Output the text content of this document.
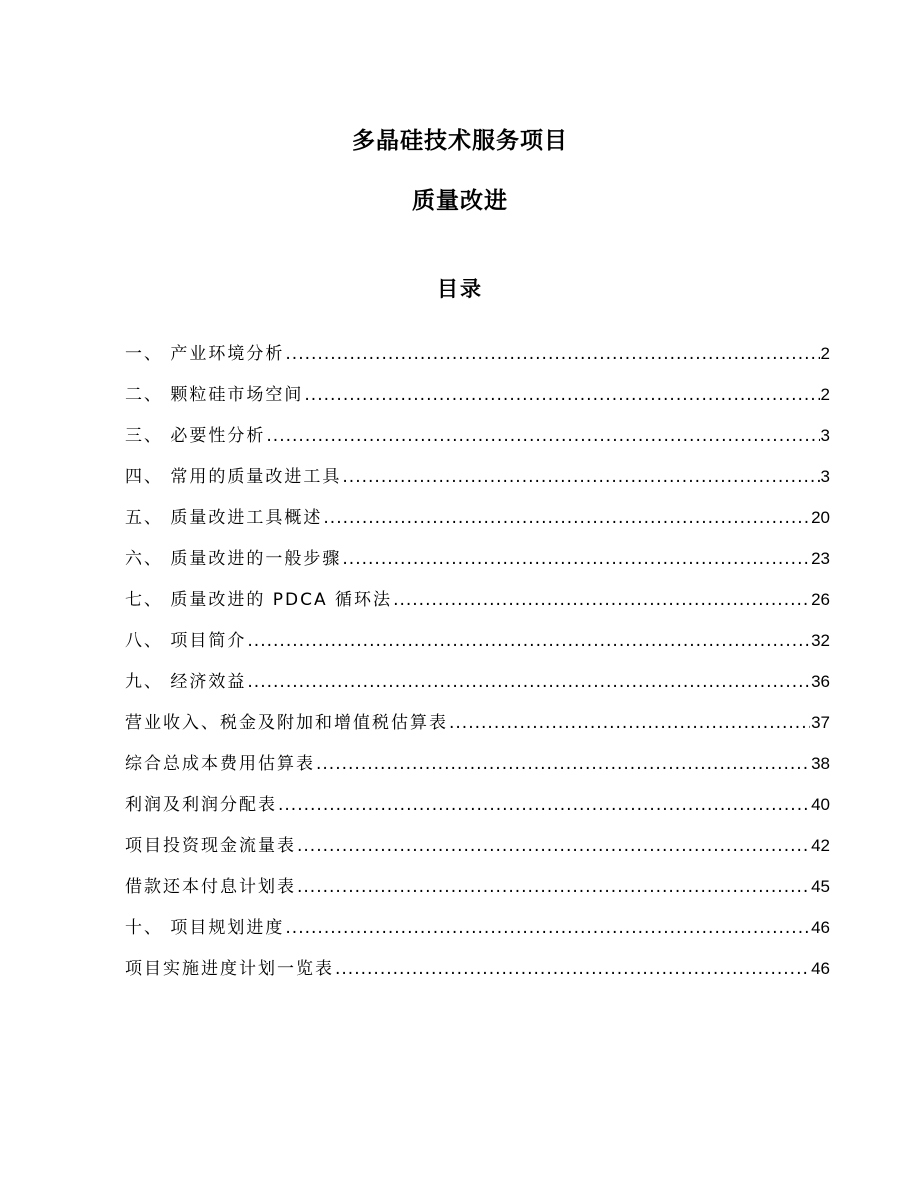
多晶硅技术服务项目
质量改进
目录
一、 产业环境分析 .....	2
二、 颗粒硅市场空间 .....	2
三、 必要性分析 .....	3
四、 常用的质量改进工具 .....	3
五、 质量改进工具概述 .....	20
六、 质量改进的一般步骤 .....	23
七、 质量改进的 PDCA 循环法 .....	26
八、 项目简介 .....	32
九、 经济效益 .....	36
营业收入、税金及附加和增值税估算表 .....	37
综合总成本费用估算表 .....	38
利润及利润分配表 .....	40
项目投资现金流量表 .....	42
借款还本付息计划表 .....	45
十、 项目规划进度 .....	46
项目实施进度计划一览表 .....	46
